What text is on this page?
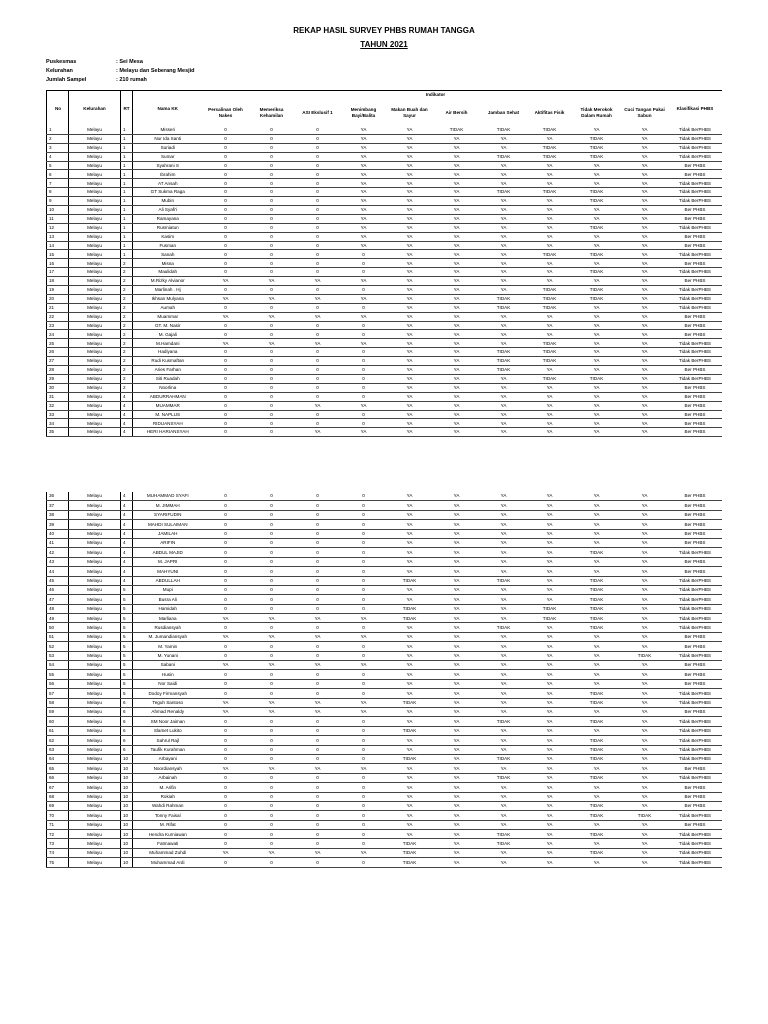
REKAP HASIL SURVEY PHBS RUMAH TANGGA
TAHUN 2021
Puskesmas	: Sei Mesa
Kelurahan	: Melayu dan Seberang Mesjid
Jumlah Sampel	: 210 rumah
No	Kelurahan	RT	Nama KK	Indikator										Klasifikasi PHBS
				Persalinan Oleh Nakes	Memeriksa Kehamilan	ASI Ekslusif 1	Menimbang Bayi/Balita	Makan Buah dan Sayur	Air Bersih	Jamban Sehat	Aktifitas Fisik	Tidak Merokok Dalam Rumah	Cuci Tangan Pakai Sabun	
1	Melayu	1	Misseri	0	0	0	YA	YA	TIDAK	TIDAK	TIDAK	YA	YA	Tidak BerPHBS
2	Melayu	1	Nur Ida Santi	0	0	0	YA	YA	YA	YA	YA	TIDAK	YA	Tidak BerPHBS
3	Melayu	1	Suriadi	0	0	0	YA	YA	YA	YA	TIDAK	TIDAK	YA	Tidak BerPHBS
4	Melayu	1	Sumar	0	0	0	YA	YA	YA	TIDAK	TIDAK	TIDAK	YA	Tidak BerPHBS
5	Melayu	1	Syahrani S	0	0	0	YA	YA	YA	YA	YA	YA	YA	Ber PHBS
6	Melayu	1	Ibrahim	0	0	0	YA	YA	YA	YA	YA	YA	YA	Ber PHBS
7	Melayu	1	AT Ansah	0	0	0	YA	YA	YA	YA	YA	YA	YA	Tidak BerPHBS
8	Melayu	1	GT Sukma Raga	0	0	0	YA	YA	YA	TIDAK	TIDAK	TIDAK	YA	Tidak BerPHBS
9	Melayu	1	Mubin	0	0	0	YA	YA	YA	YA	YA	TIDAK	YA	Tidak BerPHBS
10	Melayu	1	Ali Syafi'i	0	0	0	YA	YA	YA	YA	YA	YA	YA	Ber PHBS
11	Melayu	1	Ramayana	0	0	0	YA	YA	YA	YA	YA	YA	YA	Ber PHBS
12	Melayu	1	Rusmiatun	0	0	0	YA	YA	YA	YA	YA	TIDAK	YA	Tidak BerPHBS
13	Melayu	1	Kasim	0	0	0	YA	YA	YA	YA	YA	YA	YA	Ber PHBS
14	Melayu	1	Fusman	0	0	0	YA	YA	YA	YA	YA	YA	YA	Ber PHBS
15	Melayu	1	Sanah	0	0	0	0	YA	YA	YA	TIDAK	TIDAK	YA	Tidak BerPHBS
16	Melayu	2	Misna	0	0	0	0	YA	YA	YA	YA	YA	YA	Ber PHBS
17	Melayu	2	Maulidah	0	0	0	0	YA	YA	YA	YA	TIDAK	YA	Tidak BerPHBS
18	Melayu	2	M.Rizky Alvianor	YA	YA	YA	YA	YA	YA	YA	YA	YA	YA	Ber PHBS
19	Melayu	2	Marlinah . Hj	0	0	0	0	YA	YA	YA	TIDAK	TIDAK	YA	Tidak BerPHBS
20	Melayu	2	Ikhsan Mulyana	YA	YA	YA	YA	YA	YA	TIDAK	TIDAK	TIDAK	YA	Tidak BerPHBS
21	Melayu	2	Aumah	0	0	0	0	YA	YA	TIDAK	TIDAK	YA	YA	Tidak BerPHBS
22	Melayu	2	Muammar	YA	YA	YA	YA	YA	YA	YA	YA	YA	YA	Ber PHBS
23	Melayu	2	GT. M. Nasir	0	0	0	0	YA	YA	YA	YA	YA	YA	Ber PHBS
24	Melayu	2	M. Gajali	0	0	0	0	YA	YA	YA	YA	YA	YA	Ber PHBS
25	Melayu	2	M.Hamdani	YA	YA	YA	YA	YA	YA	YA	TIDAK	YA	YA	Tidak BerPHBS
26	Melayu	2	Hadiyana	0	0	0	0	YA	YA	TIDAK	TIDAK	YA	YA	Tidak BerPHBS
27	Melayu	2	Rudi Kusmaftan	0	0	0	0	YA	YA	TIDAK	TIDAK	YA	YA	Tidak BerPHBS
28	Melayu	2	Aries Farhan	0	0	0	0	YA	YA	TIDAK	YA	YA	YA	Ber PHBS
29	Melayu	2	Siti Ruadah	0	0	0	0	YA	YA	YA	TIDAK	TIDAK	YA	Tidak BerPHBS
30	Melayu	2	Noorlina	0	0	0	0	YA	YA	YA	YA	YA	YA	Ber PHBS
31	Melayu	4	ABDURRAHMAN	0	0	0	0	YA	YA	YA	YA	YA	YA	Ber PHBS
32	Melayu	4	MUAMMAR	0	0	YA	YA	YA	YA	YA	YA	YA	YA	Ber PHBS
33	Melayu	4	M. NAPLUS	0	0	0	0	YA	YA	YA	YA	YA	YA	Ber PHBS
34	Melayu	4	RIDUANSYAH	0	0	0	0	YA	YA	YA	YA	YA	YA	Ber PHBS
35	Melayu	4	HERI HARIANSYAH	0	0	YA	YA	YA	YA	YA	YA	YA	YA	Ber PHBS
36	Melayu	4	MUHAMMAD SYAFI	0	0	0	0	YA	YA	YA	YA	YA	YA	Ber PHBS
37	Melayu	4	M. JIMMAH	0	0	0	0	YA	YA	YA	YA	YA	YA	Ber PHBS
38	Melayu	4	SYARIFUDIN	0	0	0	0	YA	YA	YA	YA	YA	YA	Ber PHBS
39	Melayu	4	MAHDI SULAIMAN	0	0	0	0	YA	YA	YA	YA	YA	YA	Ber PHBS
40	Melayu	4	JAMILAH	0	0	0	0	YA	YA	YA	YA	YA	YA	Ber PHBS
41	Melayu	4	ARIFIN	0	0	0	0	YA	YA	YA	YA	YA	YA	Ber PHBS
42	Melayu	4	ABDUL MAJID	0	0	0	0	YA	YA	YA	YA	TIDAK	YA	Tidak BerPHBS
43	Melayu	4	M. JAPRI	0	0	0	0	YA	YA	YA	YA	YA	YA	Ber PHBS
44	Melayu	4	MAHYUNI	0	0	0	0	YA	YA	YA	YA	YA	YA	Ber PHBS
45	Melayu	4	ABDULLAH	0	0	0	0	TIDAK	YA	TIDAK	YA	TIDAK	YA	Tidak BerPHBS
46	Melayu	5	Mupi	0	0	0	0	YA	YA	YA	YA	TIDAK	YA	Tidak BerPHBS
47	Melayu	5	Busra Ali	0	0	0	0	YA	YA	YA	YA	TIDAK	YA	Tidak BerPHBS
48	Melayu	5	Hamidah	0	0	0	0	TIDAK	YA	YA	TIDAK	TIDAK	YA	Tidak BerPHBS
49	Melayu	5	Marliana	YA	YA	YA	YA	TIDAK	YA	YA	TIDAK	TIDAK	YA	Tidak BerPHBS
50	Melayu	5	Rusdiansyah	0	0	0	0	YA	YA	TIDAK	YA	TIDAK	YA	Tidak BerPHBS
51	Melayu	5	M. Jumandiansyah	YA	YA	YA	YA	YA	YA	YA	YA	YA	YA	Ber PHBS
52	Melayu	5	M. Yamin	0	0	0	0	YA	YA	YA	YA	YA	YA	Ber PHBS
53	Melayu	5	M. Yunani	0	0	0	0	YA	YA	YA	YA	YA	TIDAK	Tidak BerPHBS
54	Melayu	5	Sabani	YA	YA	YA	YA	YA	YA	YA	YA	YA	YA	Ber PHBS
55	Melayu	5	Husin	0	0	0	0	YA	YA	YA	YA	YA	YA	Ber PHBS
56	Melayu	5	Nor Saidi	0	0	0	0	YA	YA	YA	YA	YA	YA	Ber PHBS
57	Melayu	5	Dodoy Firmansyah	0	0	0	0	YA	YA	YA	YA	TIDAK	YA	Tidak BerPHBS
58	Melayu	6	Teguh Santoso	YA	YA	YA	YA	TIDAK	YA	YA	YA	TIDAK	YA	Tidak BerPHBS
59	Melayu	6	Ahmad Renaldy	YA	YA	YA	YA	YA	YA	YA	YA	YA	YA	Ber PHBS
60	Melayu	6	SM Noor Jaiman	0	0	0	0	YA	YA	TIDAK	YA	TIDAK	YA	Tidak BerPHBS
61	Melayu	6	Slamet Lukito	0	0	0	0	TIDAK	YA	YA	YA	YA	YA	Tidak BerPHBS
62	Melayu	6	Sahrul Rajl	0	0	0	0	YA	YA	YA	YA	TIDAK	YA	Tidak BerPHBS
63	Melayu	6	Taufik Kurahman	0	0	0	0	YA	YA	YA	YA	TIDAK	YA	Tidak BerPHBS
64	Melayu	10	Arbayani	0	0	0	0	TIDAK	YA	TIDAK	YA	TIDAK	YA	Tidak BerPHBS
65	Melayu	10	Noordiansyah	YA	YA	YA	YA	YA	YA	YA	YA	YA	YA	Ber PHBS
66	Melayu	10	Arbainah	0	0	0	0	YA	YA	TIDAK	YA	TIDAK	YA	Tidak BerPHBS
67	Melayu	10	M. Arifin	0	0	0	0	YA	YA	YA	YA	YA	YA	Ber PHBS
68	Melayu	10	Rokiah	0	0	0	0	YA	YA	YA	YA	YA	YA	Ber PHBS
69	Melayu	10	Wahdi Rahman	0	0	0	0	YA	YA	YA	YA	TIDAK	YA	Ber PHBS
70	Melayu	10	Tonny Faisal	0	0	0	0	YA	YA	YA	YA	TIDAK	TIDAK	Tidak BerPHBS
71	Melayu	10	M. Rifat	0	0	0	0	YA	YA	YA	YA	YA	YA	Ber PHBS
72	Melayu	10	Hendra Kurniawan	0	0	0	0	YA	YA	TIDAK	YA	TIDAK	YA	Tidak BerPHBS
73	Melayu	10	Fatmawati	0	0	0	0	TIDAK	YA	TIDAK	YA	YA	YA	Tidak BerPHBS
74	Melayu	10	Muhammad Zuhdi	YA	YA	YA	YA	TIDAK	YA	YA	YA	TIDAK	YA	Tidak BerPHBS
75	Melayu	10	Muhammad Ardi	0	0	0	0	TIDAK	YA	YA	YA	YA	YA	Tidak BerPHBS
